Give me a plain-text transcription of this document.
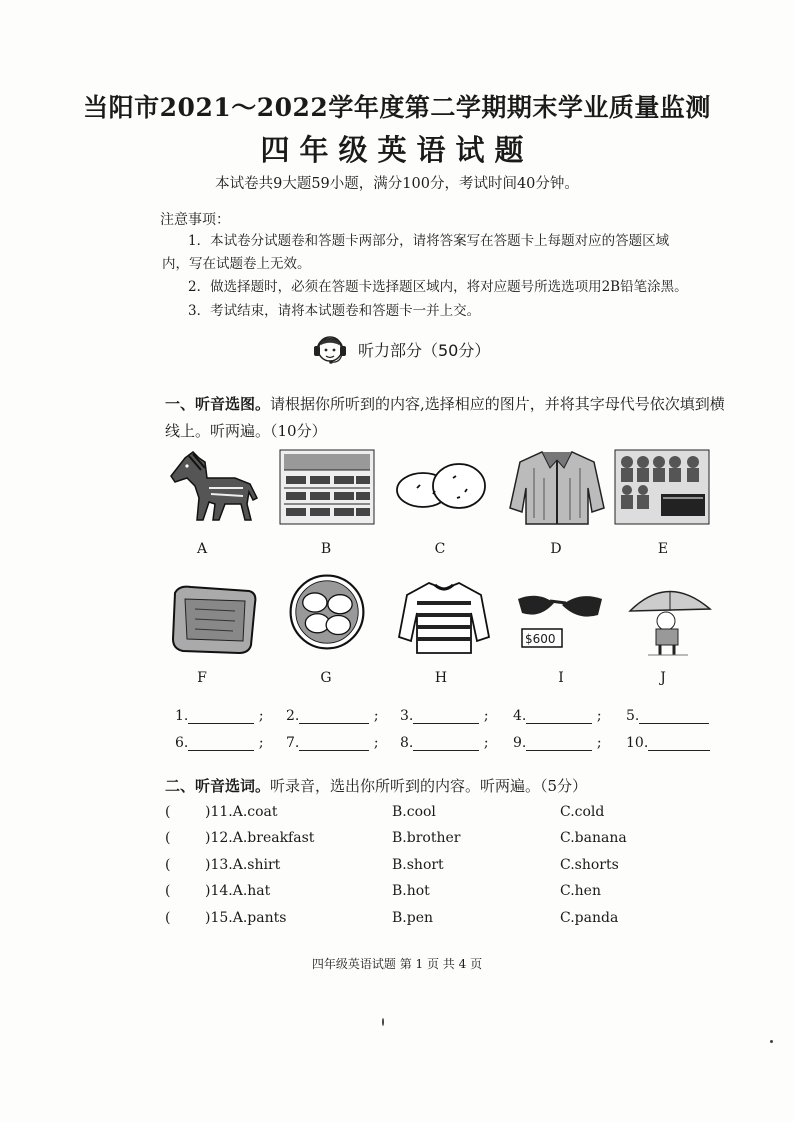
当阳市2021～2022学年度第二学期期末学业质量监测
四年级英语试题
本试卷共9大题59小题，满分100分，考试时间40分钟。
注意事项：
1．本试卷分试题卷和答题卡两部分，请将答案写在答题卡上每题对应的答题区域
内，写在试题卷上无效。
2．做选择题时，必须在答题卡选择题区域内，将对应题号所选选项用2B铅笔涂黑。
3．考试结束，请将本试题卷和答题卡一并上交。
听力部分（50分）
一、听音选图。请根据你所听到的内容,选择相应的图片，并将其字母代号依次填到横线上。听两遍。（10分）
A	B	C	D	E
$600
F	G	H	I	J
1.	; 2.	; 3.	; 4.	; 5.
6.	; 7.	; 8.	; 9.	; 10.
二、听音选词。听录音，选出你所听到的内容。听两遍。（5分）
( )11.A.coat	B.cool	C.cold
( )12.A.breakfast	B.brother	C.banana
( )13.A.shirt	B.short	C.shorts
( )14.A.hat	B.hot	C.hen
( )15.A.pants	B.pen	C.panda
四年级英语试题 第 1 页 共 4 页
